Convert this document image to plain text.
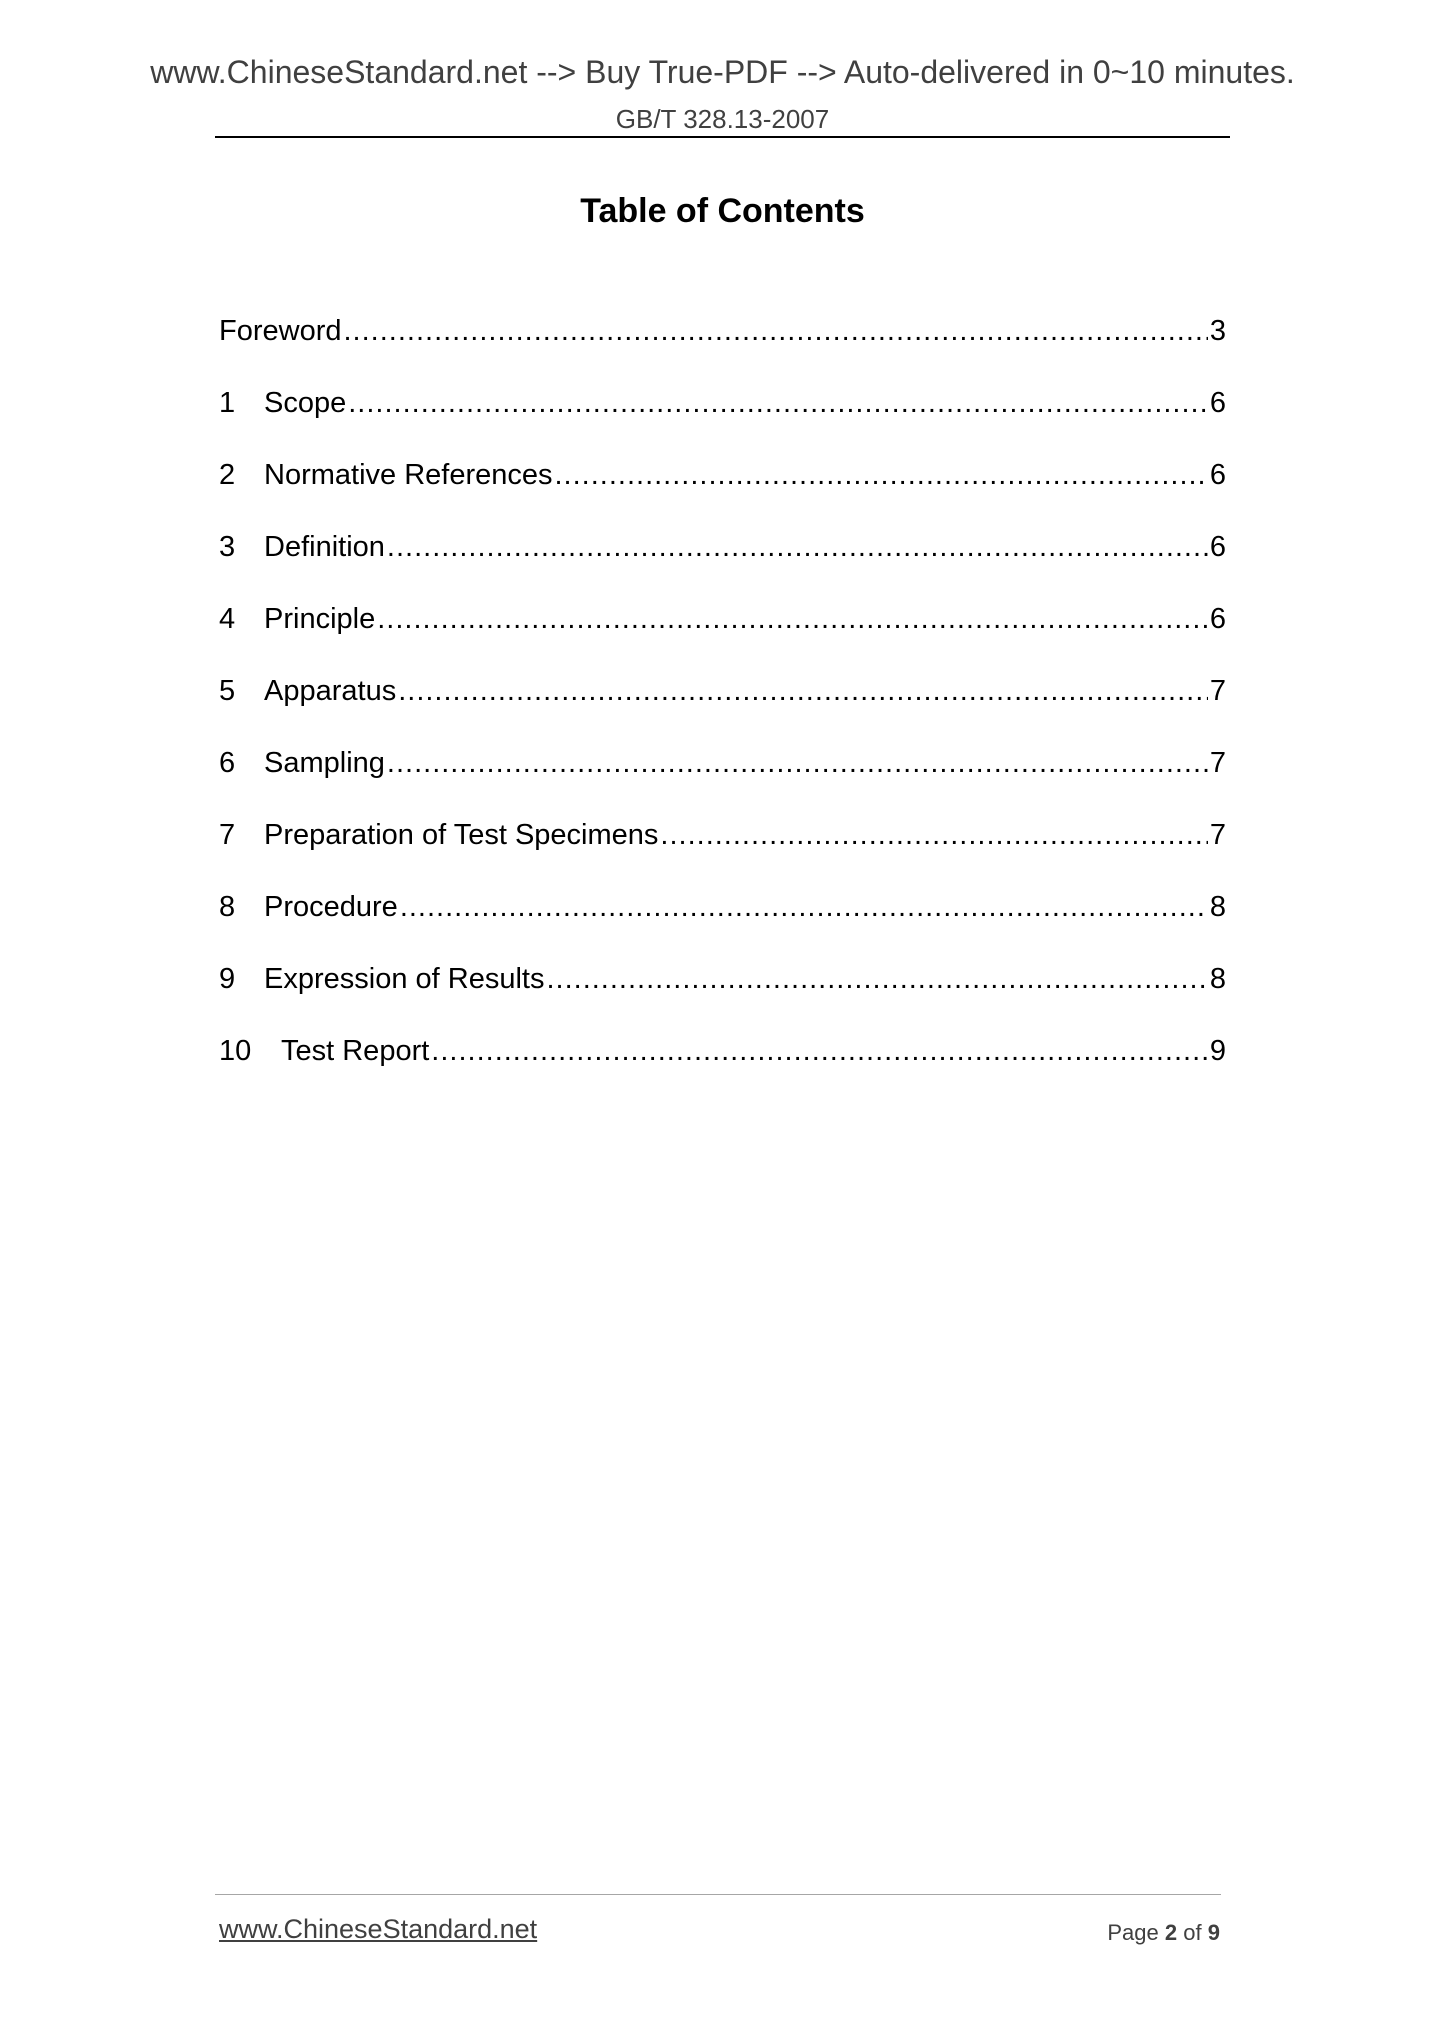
www.ChineseStandard.net --> Buy True-PDF --> Auto-delivered in 0~10 minutes.
GB/T 328.13-2007
Table of Contents
Foreword .....	3
1 Scope .....	6
2 Normative References .....	6
3 Definition .....	6
4 Principle .....	6
5 Apparatus .....	7
6 Sampling .....	7
7 Preparation of Test Specimens .....	7
8 Procedure .....	8
9 Expression of Results .....	8
10	Test Report .....	9
www.ChineseStandard.net	Page 2 of 9
